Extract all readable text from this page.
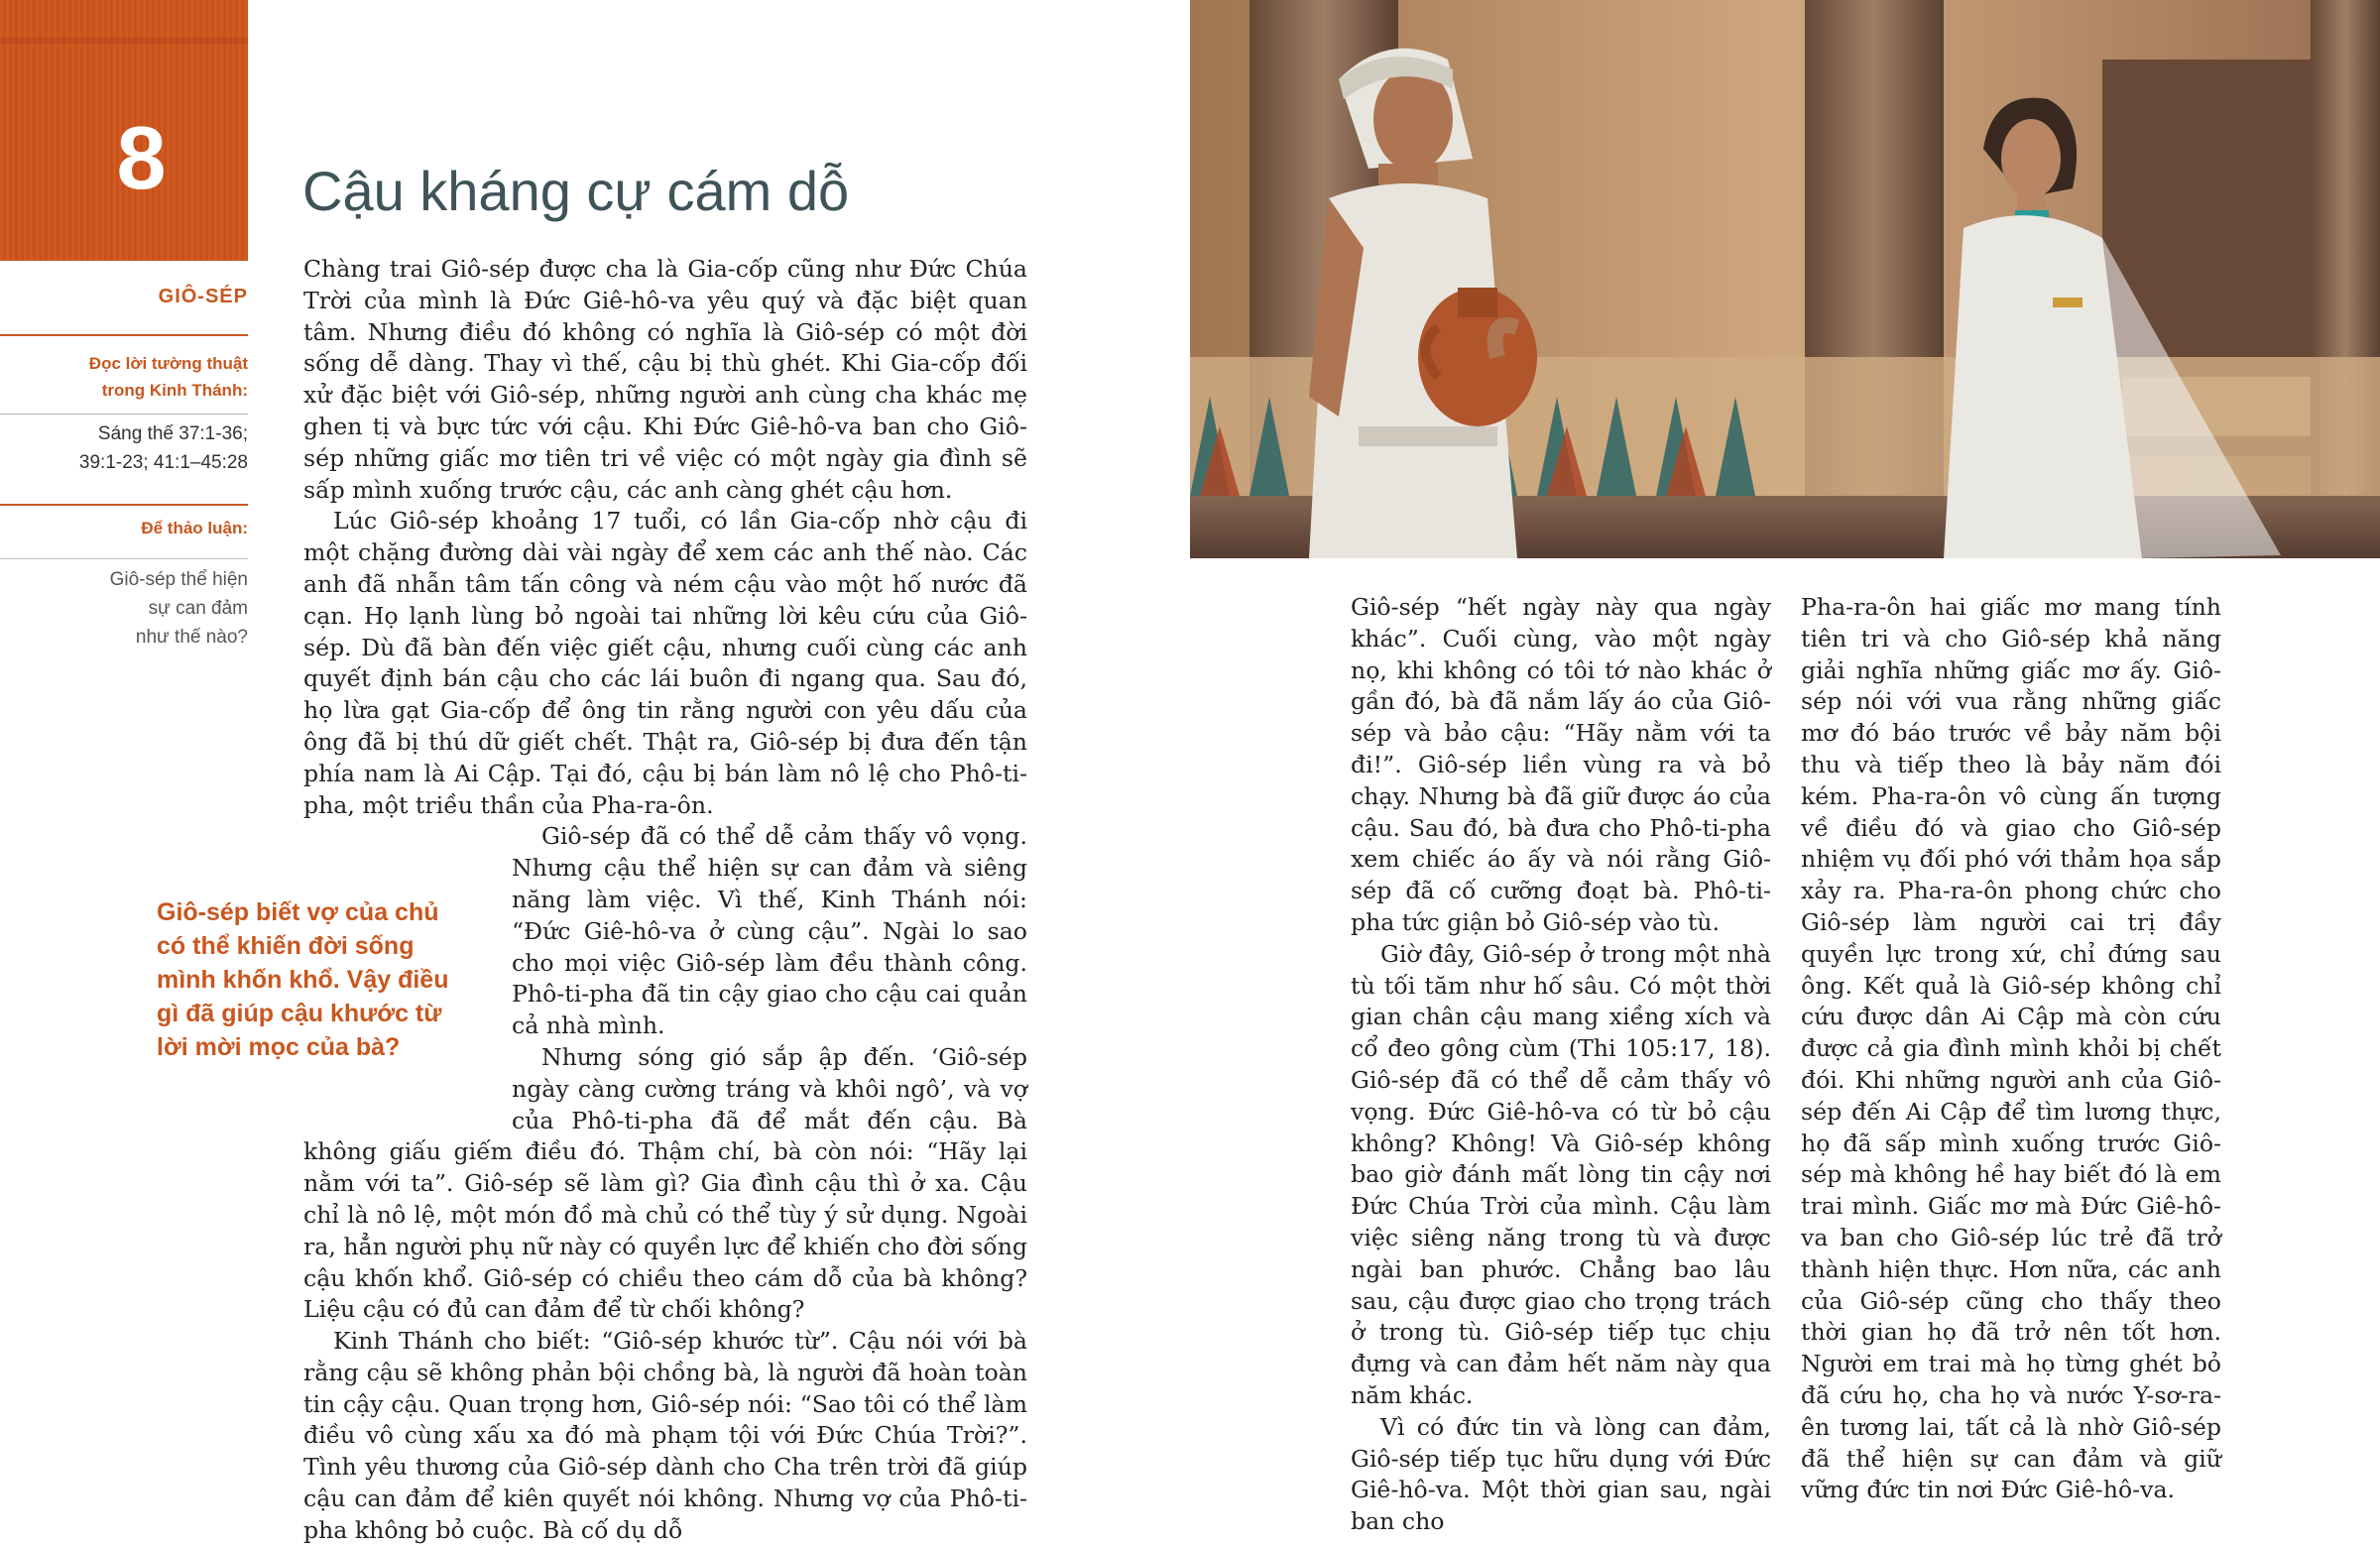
8
GIÔ-SÉP
Đọc lời tường thuật
trong Kinh Thánh:
Sáng thế 37:1-36;
39:1-23; 41:1–45:28
Để thảo luận:
Giô-sép thể hiện
sự can đảm
như thế nào?
Cậu kháng cự cám dỗ

Chàng trai Giô-sép được cha là Gia-cốp cũng như Đức Chúa Trời của mình là Đức Giê-hô-va yêu quý và đặc biệt quan tâm. Nhưng điều đó không có nghĩa là Giô-sép có một đời sống dễ dàng. Thay vì thế, cậu bị thù ghét. Khi Gia-cốp đối xử đặc biệt với Giô-sép, những người anh cùng cha khác mẹ ghen tị và bực tức với cậu. Khi Đức Giê-hô-va ban cho Giô-sép những giấc mơ tiên tri về việc có một ngày gia đình sẽ sấp mình xuống trước cậu, các anh càng ghét cậu hơn.

Lúc Giô-sép khoảng 17 tuổi, có lần Gia-cốp nhờ cậu đi một chặng đường dài vài ngày để xem các anh thế nào. Các anh đã nhẫn tâm tấn công và ném cậu vào một hố nước đã cạn. Họ lạnh lùng bỏ ngoài tai những lời kêu cứu của Giô-sép. Dù đã bàn đến việc giết cậu, nhưng cuối cùng các anh quyết định bán cậu cho các lái buôn đi ngang qua. Sau đó, họ lừa gạt Gia-cốp để ông tin rằng người con yêu dấu của ông đã bị thú dữ giết chết. Thật ra, Giô-sép bị đưa đến tận phía nam là Ai Cập. Tại đó, cậu bị bán làm nô lệ cho Phô-ti-pha, một triều thần của Pha-ra-ôn.

Giô-sép đã có thể dễ cảm thấy vô vọng. Nhưng cậu thể hiện sự can đảm và siêng năng làm việc. Vì thế, Kinh Thánh nói: “Đức Giê-hô-va ở cùng cậu”. Ngài lo sao cho mọi việc Giô-sép làm đều thành công. Phô-ti-pha đã tin cậy giao cho cậu cai quản cả nhà mình.

Nhưng sóng gió sắp ập đến. ‘Giô-sép ngày càng cường tráng và khôi ngô’, và vợ của Phô-ti-pha đã để mắt đến cậu. Bà không giấu giếm điều đó. Thậm chí, bà còn nói: “Hãy lại nằm với ta”. Giô-sép sẽ làm gì? Gia đình cậu thì ở xa. Cậu chỉ là nô lệ, một món đồ mà chủ có thể tùy ý sử dụng. Ngoài ra, hẳn người phụ nữ này có quyền lực để khiến cho đời sống cậu khốn khổ. Giô-sép có chiều theo cám dỗ của bà không? Liệu cậu có đủ can đảm để từ chối không?

Kinh Thánh cho biết: “Giô-sép khước từ”. Cậu nói với bà rằng cậu sẽ không phản bội chồng bà, là người đã hoàn toàn tin cậy cậu. Quan trọng hơn, Giô-sép nói: “Sao tôi có thể làm điều vô cùng xấu xa đó mà phạm tội với Đức Chúa Trời?”. Tình yêu thương của Giô-sép dành cho Cha trên trời đã giúp cậu can đảm để kiên quyết nói không. Nhưng vợ của Phô-ti-pha không bỏ cuộc. Bà cố dụ dỗ

Giô-sép biết vợ của chủ có thể khiến đời sống mình khốn khổ. Vậy điều gì đã giúp cậu khước từ lời mời mọc của bà?

Giô-sép “hết ngày này qua ngày khác”. Cuối cùng, vào một ngày nọ, khi không có tôi tớ nào khác ở gần đó, bà đã nắm lấy áo của Giô-sép và bảo cậu: “Hãy nằm với ta đi!”. Giô-sép liền vùng ra và bỏ chạy. Nhưng bà đã giữ được áo của cậu. Sau đó, bà đưa cho Phô-ti-pha xem chiếc áo ấy và nói rằng Giô-sép đã cố cưỡng đoạt bà. Phô-ti-pha tức giận bỏ Giô-sép vào tù.

Giờ đây, Giô-sép ở trong một nhà tù tối tăm như hố sâu. Có một thời gian chân cậu mang xiềng xích và cổ đeo gông cùm (Thi 105:17, 18). Giô-sép đã có thể dễ cảm thấy vô vọng. Đức Giê-hô-va có từ bỏ cậu không? Không! Và Giô-sép không bao giờ đánh mất lòng tin cậy nơi Đức Chúa Trời của mình. Cậu làm việc siêng năng trong tù và được ngài ban phước. Chẳng bao lâu sau, cậu được giao cho trọng trách ở trong tù. Giô-sép tiếp tục chịu đựng và can đảm hết năm này qua năm khác.

Vì có đức tin và lòng can đảm, Giô-sép tiếp tục hữu dụng với Đức Giê-hô-va. Một thời gian sau, ngài ban cho

Pha-ra-ôn hai giấc mơ mang tính tiên tri và cho Giô-sép khả năng giải nghĩa những giấc mơ ấy. Giô-sép nói với vua rằng những giấc mơ đó báo trước về bảy năm bội thu và tiếp theo là bảy năm đói kém. Pha-ra-ôn vô cùng ấn tượng về điều đó và giao cho Giô-sép nhiệm vụ đối phó với thảm họa sắp xảy ra. Pha-ra-ôn phong chức cho Giô-sép làm người cai trị đầy quyền lực trong xứ, chỉ đứng sau ông. Kết quả là Giô-sép không chỉ cứu được dân Ai Cập mà còn cứu được cả gia đình mình khỏi bị chết đói. Khi những người anh của Giô-sép đến Ai Cập để tìm lương thực, họ đã sấp mình xuống trước Giô-sép mà không hề hay biết đó là em trai mình. Giấc mơ mà Đức Giê-hô-va ban cho Giô-sép lúc trẻ đã trở thành hiện thực. Hơn nữa, các anh của Giô-sép cũng cho thấy theo thời gian họ đã trở nên tốt hơn. Người em trai mà họ từng ghét bỏ đã cứu họ, cha họ và nước Y-sơ-ra-ên tương lai, tất cả là nhờ Giô-sép đã thể hiện sự can đảm và giữ vững đức tin nơi Đức Giê-hô-va.
